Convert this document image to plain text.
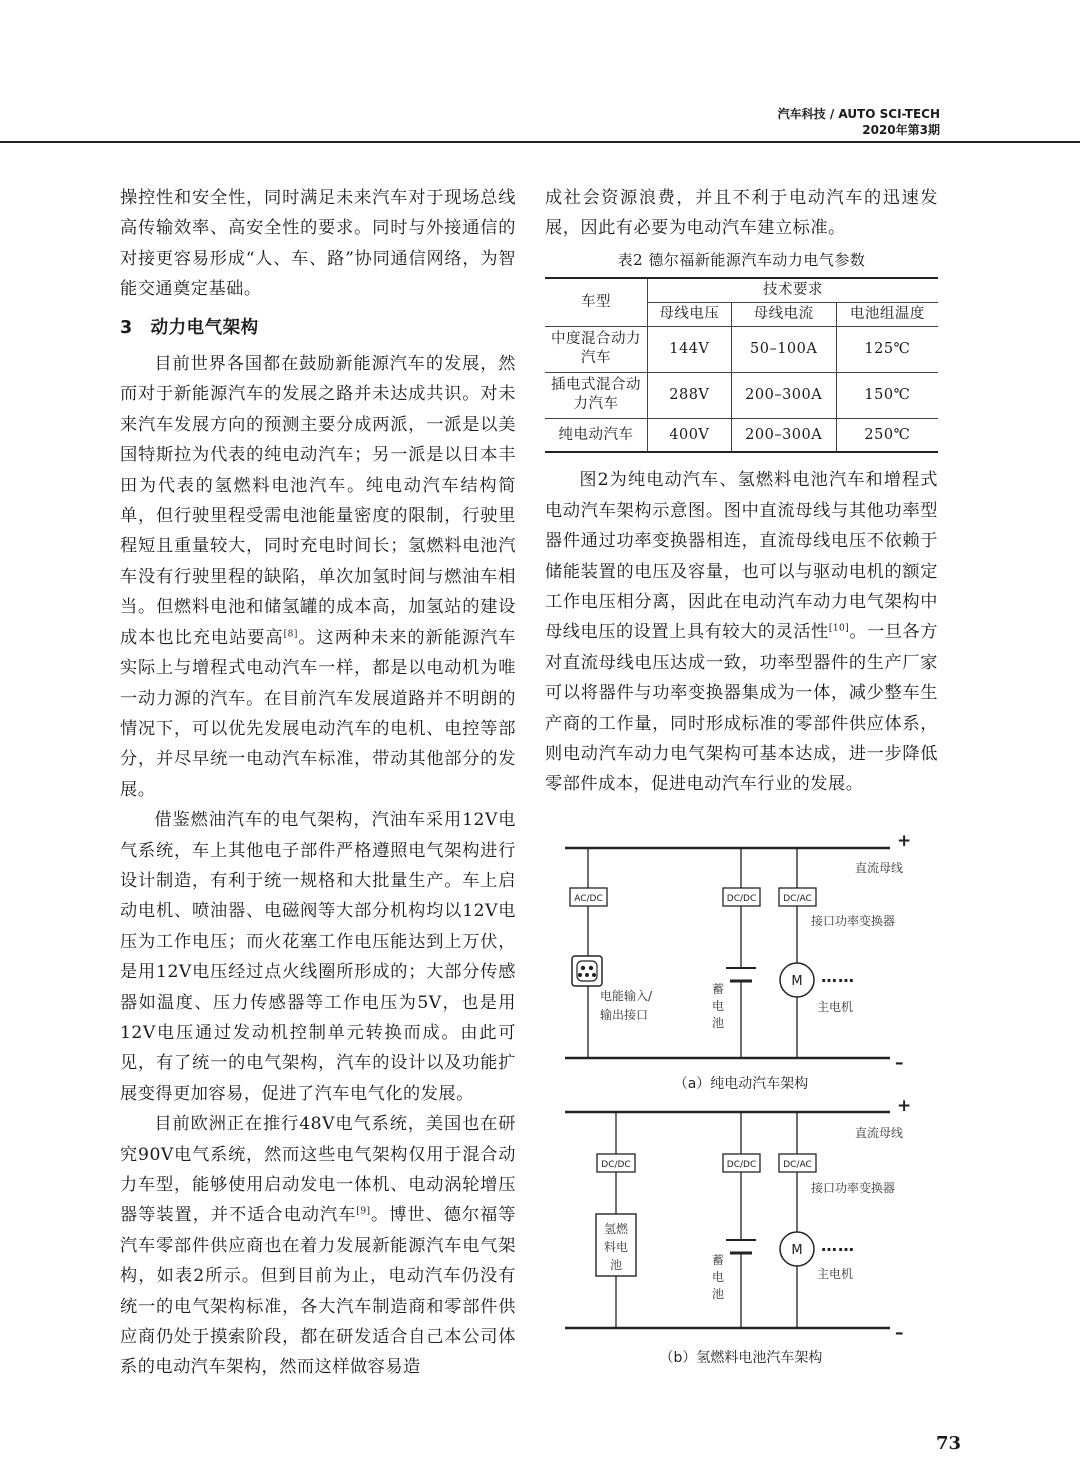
汽车科技 / AUTO SCI-TECH
2020年第3期

操控性和安全性，同时满足未来汽车对于现场总线高传输效率、高安全性的要求。同时与外接通信的对接更容易形成“人、车、路”协同通信网络，为智能交通奠定基础。

3　动力电气架构

目前世界各国都在鼓励新能源汽车的发展，然而对于新能源汽车的发展之路并未达成共识。对未来汽车发展方向的预测主要分成两派，一派是以美国特斯拉为代表的纯电动汽车；另一派是以日本丰田为代表的氢燃料电池汽车。纯电动汽车结构简单，但行驶里程受需电池能量密度的限制，行驶里程短且重量较大，同时充电时间长；氢燃料电池汽车没有行驶里程的缺陷，单次加氢时间与燃油车相当。但燃料电池和储氢罐的成本高，加氢站的建设成本也比充电站要高[8]。这两种未来的新能源汽车实际上与增程式电动汽车一样，都是以电动机为唯一动力源的汽车。在目前汽车发展道路并不明朗的情况下，可以优先发展电动汽车的电机、电控等部分，并尽早统一电动汽车标准，带动其他部分的发展。

借鉴燃油汽车的电气架构，汽油车采用12V电气系统，车上其他电子部件严格遵照电气架构进行设计制造，有利于统一规格和大批量生产。车上启动电机、喷油器、电磁阀等大部分机构均以12V电压为工作电压；而火花塞工作电压能达到上万伏，是用12V电压经过点火线圈所形成的；大部分传感器如温度、压力传感器等工作电压为5V，也是用12V电压通过发动机控制单元转换而成。由此可见，有了统一的电气架构，汽车的设计以及功能扩展变得更加容易，促进了汽车电气化的发展。

目前欧洲正在推行48V电气系统，美国也在研究90V电气系统，然而这些电气架构仅用于混合动力车型，能够使用启动发电一体机、电动涡轮增压器等装置，并不适合电动汽车[9]。博世、德尔福等汽车零部件供应商也在着力发展新能源汽车电气架构，如表2所示。但到目前为止，电动汽车仍没有统一的电气架构标准，各大汽车制造商和零部件供应商仍处于摸索阶段，都在研发适合自己本公司体系的电动汽车架构，然而这样做容易造

成社会资源浪费，并且不利于电动汽车的迅速发展，因此有必要为电动汽车建立标准。

表2 德尔福新能源汽车动力电气参数
车型	技术要求		
	母线电压	母线电流	电池组温度
中度混合动力汽车	144V	50–100A	125℃
插电式混合动力汽车	288V	200–300A	150℃
纯电动汽车	400V	200–300A	250℃

图2为纯电动汽车、氢燃料电池汽车和增程式电动汽车架构示意图。图中直流母线与其他功率型器件通过功率变换器相连，直流母线电压不依赖于储能装置的电压及容量，也可以与驱动电机的额定工作电压相分离，因此在电动汽车动力电气架构中母线电压的设置上具有较大的灵活性[10]。一旦各方对直流母线电压达成一致，功率型器件的生产厂家可以将器件与功率变换器集成为一体，减少整车生产商的工作量，同时形成标准的零部件供应体系，则电动汽车动力电气架构可基本达成，进一步降低零部件成本，促进电动汽车行业的发展。

+
–
直流母线
AC/DC	DC/DC	DC/AC
接口功率变换器
电能输入/
输出接口
蓄
电
池
M ……
主电机
（a）纯电动汽车架构
+
–
直流母线
DC/DC	DC/DC	DC/AC
接口功率变换器
氢燃
料电
池	蓄
电
池
M ……
主电机
（b）氢燃料电池汽车架构
73
